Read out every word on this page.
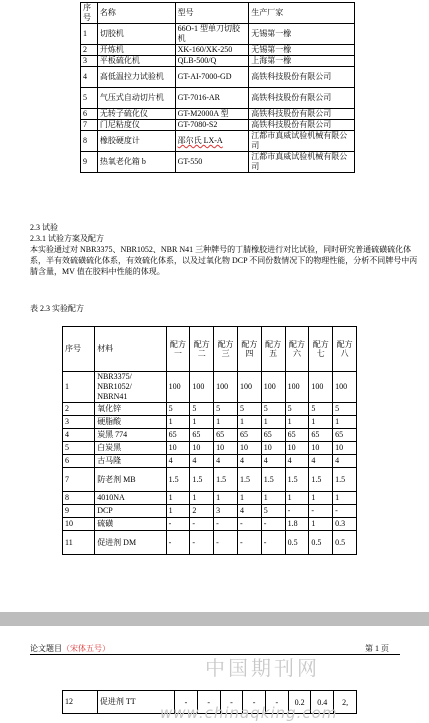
序号	名称	型号	生产厂家
1	切胶机	66O-1 型单刀切胶机	无锡第一橡
2	开炼机	XK-160/XK-250	无锡第一橡
3	平板硫化机	QLB-500/Q	上海第一橡
4	高低温拉力试验机	GT-AI-7000-GD	高铁科技股份有限公司
5	气压式自动切片机	GT-7016-AR	高铁科技股份有限公司
6	无转子硫化仪	GT-M2000A 型	高铁科技股份有限公司
7	门尼粘度仪	GT-7080-S2	高铁科技股份有限公司
8	橡胶硬度计	邵尔氏 LX-A	江都市真威试验机械有限公司
9	热氧老化箱 b	GT-550	江都市真威试验机械有限公司

2.3 试验

2.3.1 试验方案及配方

本实验通过对 NBR3375、NBR1052、NBR N41 三种牌号的丁腈橡胶进行对比试验，同时研究普通硫磺硫化体系，半有效硫磺硫化体系，有效硫化体系，以及过氧化物 DCP 不同份数情况下的物理性能，分析不同牌号中丙腈含量，MV 值在胶料中性能的体现。

表 2.3 实验配方
序号	材料	配方一	配方二	配方三	配方四	配方五	配方六	配方七	配方八
1	NBR3375/ NBR1052/ NBRN41	100	100	100	100	100	100	100	100
2	氧化锌	5	5	5	5	5	5	5	5
3	硬脂酸	1	1	1	1	1	1	1	1
4	炭黑 774	65	65	65	65	65	65	65	65
5	白炭黑	10	10	10	10	10	10	10	10
6	古马隆	4	4	4	4	4	4	4	4
7	防老剂 MB	1.5	1.5	1.5	1.5	1.5	1.5	1.5	1.5
8	4010NA	1	1	1	1	1	1	1	1
9	DCP	1	2	3	4	5	-	-	-
10	硫磺	-	-	-	-	-	1.8	1	0.3
11	促进剂 DM	-	-	-	-	-	0.5	0.5	0.5
论文题目（宋体五号）	第 1 页
12	促进剂 TT	-	-	-	-	-	0.2	0.4	2,
中国期刊网
www.chinaqking.com
